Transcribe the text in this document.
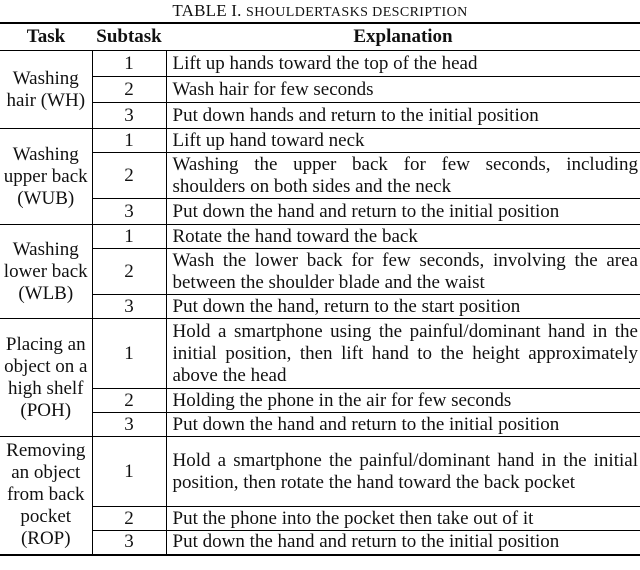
TABLE I. SHOULDERTASKS DESCRIPTION
Task	Subtask	Explanation
Washing hair (WH)	1	Lift up hands toward the top of the head
	2	Wash hair for few seconds
	3	Put down hands and return to the initial position
Washing upper back (WUB)	1	Lift up hand toward neck
	2	Washing the upper back for few seconds, including shoulders on both sides and the neck
	3	Put down the hand and return to the initial position
Washing lower back (WLB)	1	Rotate the hand toward the back
	2	Wash the lower back for few seconds, involving the area between the shoulder blade and the waist
	3	Put down the hand, return to the start position
Placing an object on a high shelf (POH)	1	Hold a smartphone using the painful/dominant hand in the initial position, then lift hand to the height approximately above the head
	2	Holding the phone in the air for few seconds
	3	Put down the hand and return to the initial position
Removing an object from back pocket (ROP)	1	Hold a smartphone the painful/dominant hand in the initial position, then rotate the hand toward the back pocket
	2	Put the phone into the pocket then take out of it
	3	Put down the hand and return to the initial position
